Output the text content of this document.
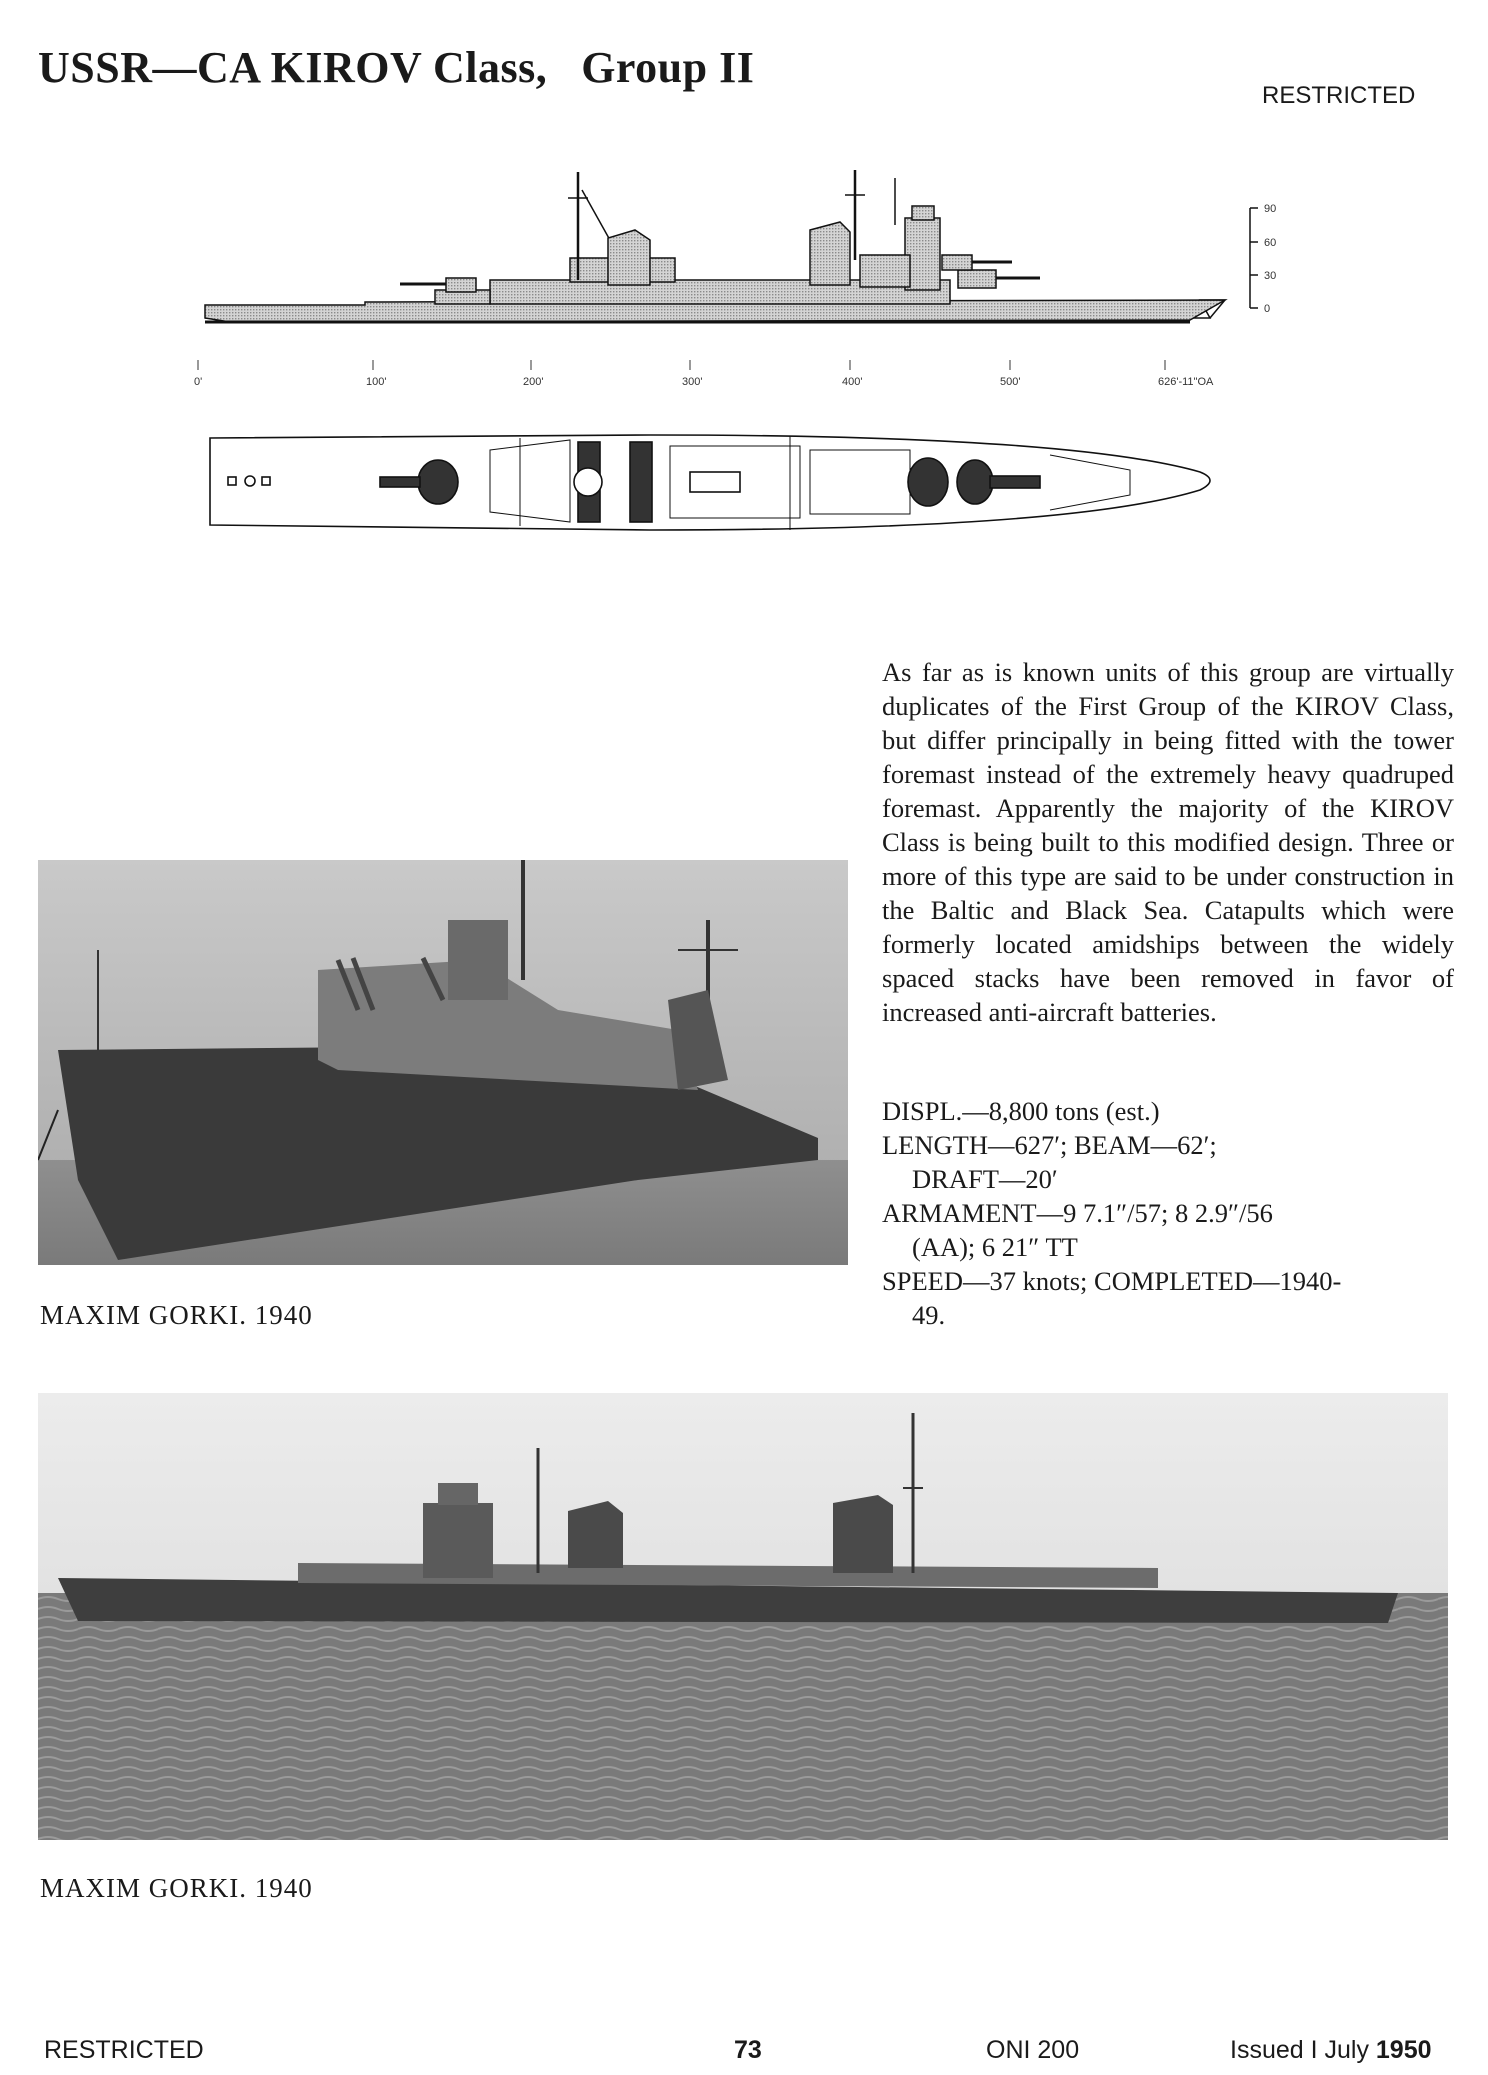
USSR—CA KIROV Class, Group II
RESTRICTED
90
60
30
0
0'	100'	200'	300'	400'	500'	626'-11"OA
MAXIM GORKI. 1940
As far as is known units of this group are virtually duplicates of the First Group of the KIROV Class, but differ principally in being fitted with the tower foremast instead of the extremely heavy quadruped foremast. Apparently the majority of the KIROV Class is being built to this modified design. Three or more of this type are said to be under construction in the Baltic and Black Sea. Catapults which were formerly located amidships between the widely spaced stacks have been removed in favor of increased anti-aircraft batteries.
DISPL.—8,800 tons (est.)
LENGTH—627′; BEAM—62′;
DRAFT—20′
ARMAMENT—9 7.1″/57; 8 2.9″/56
(AA); 6 21″ TT
SPEED—37 knots; COMPLETED—1940-
49.
MAXIM GORKI. 1940
RESTRICTED	73	ONI 200	Issued I July 1950
